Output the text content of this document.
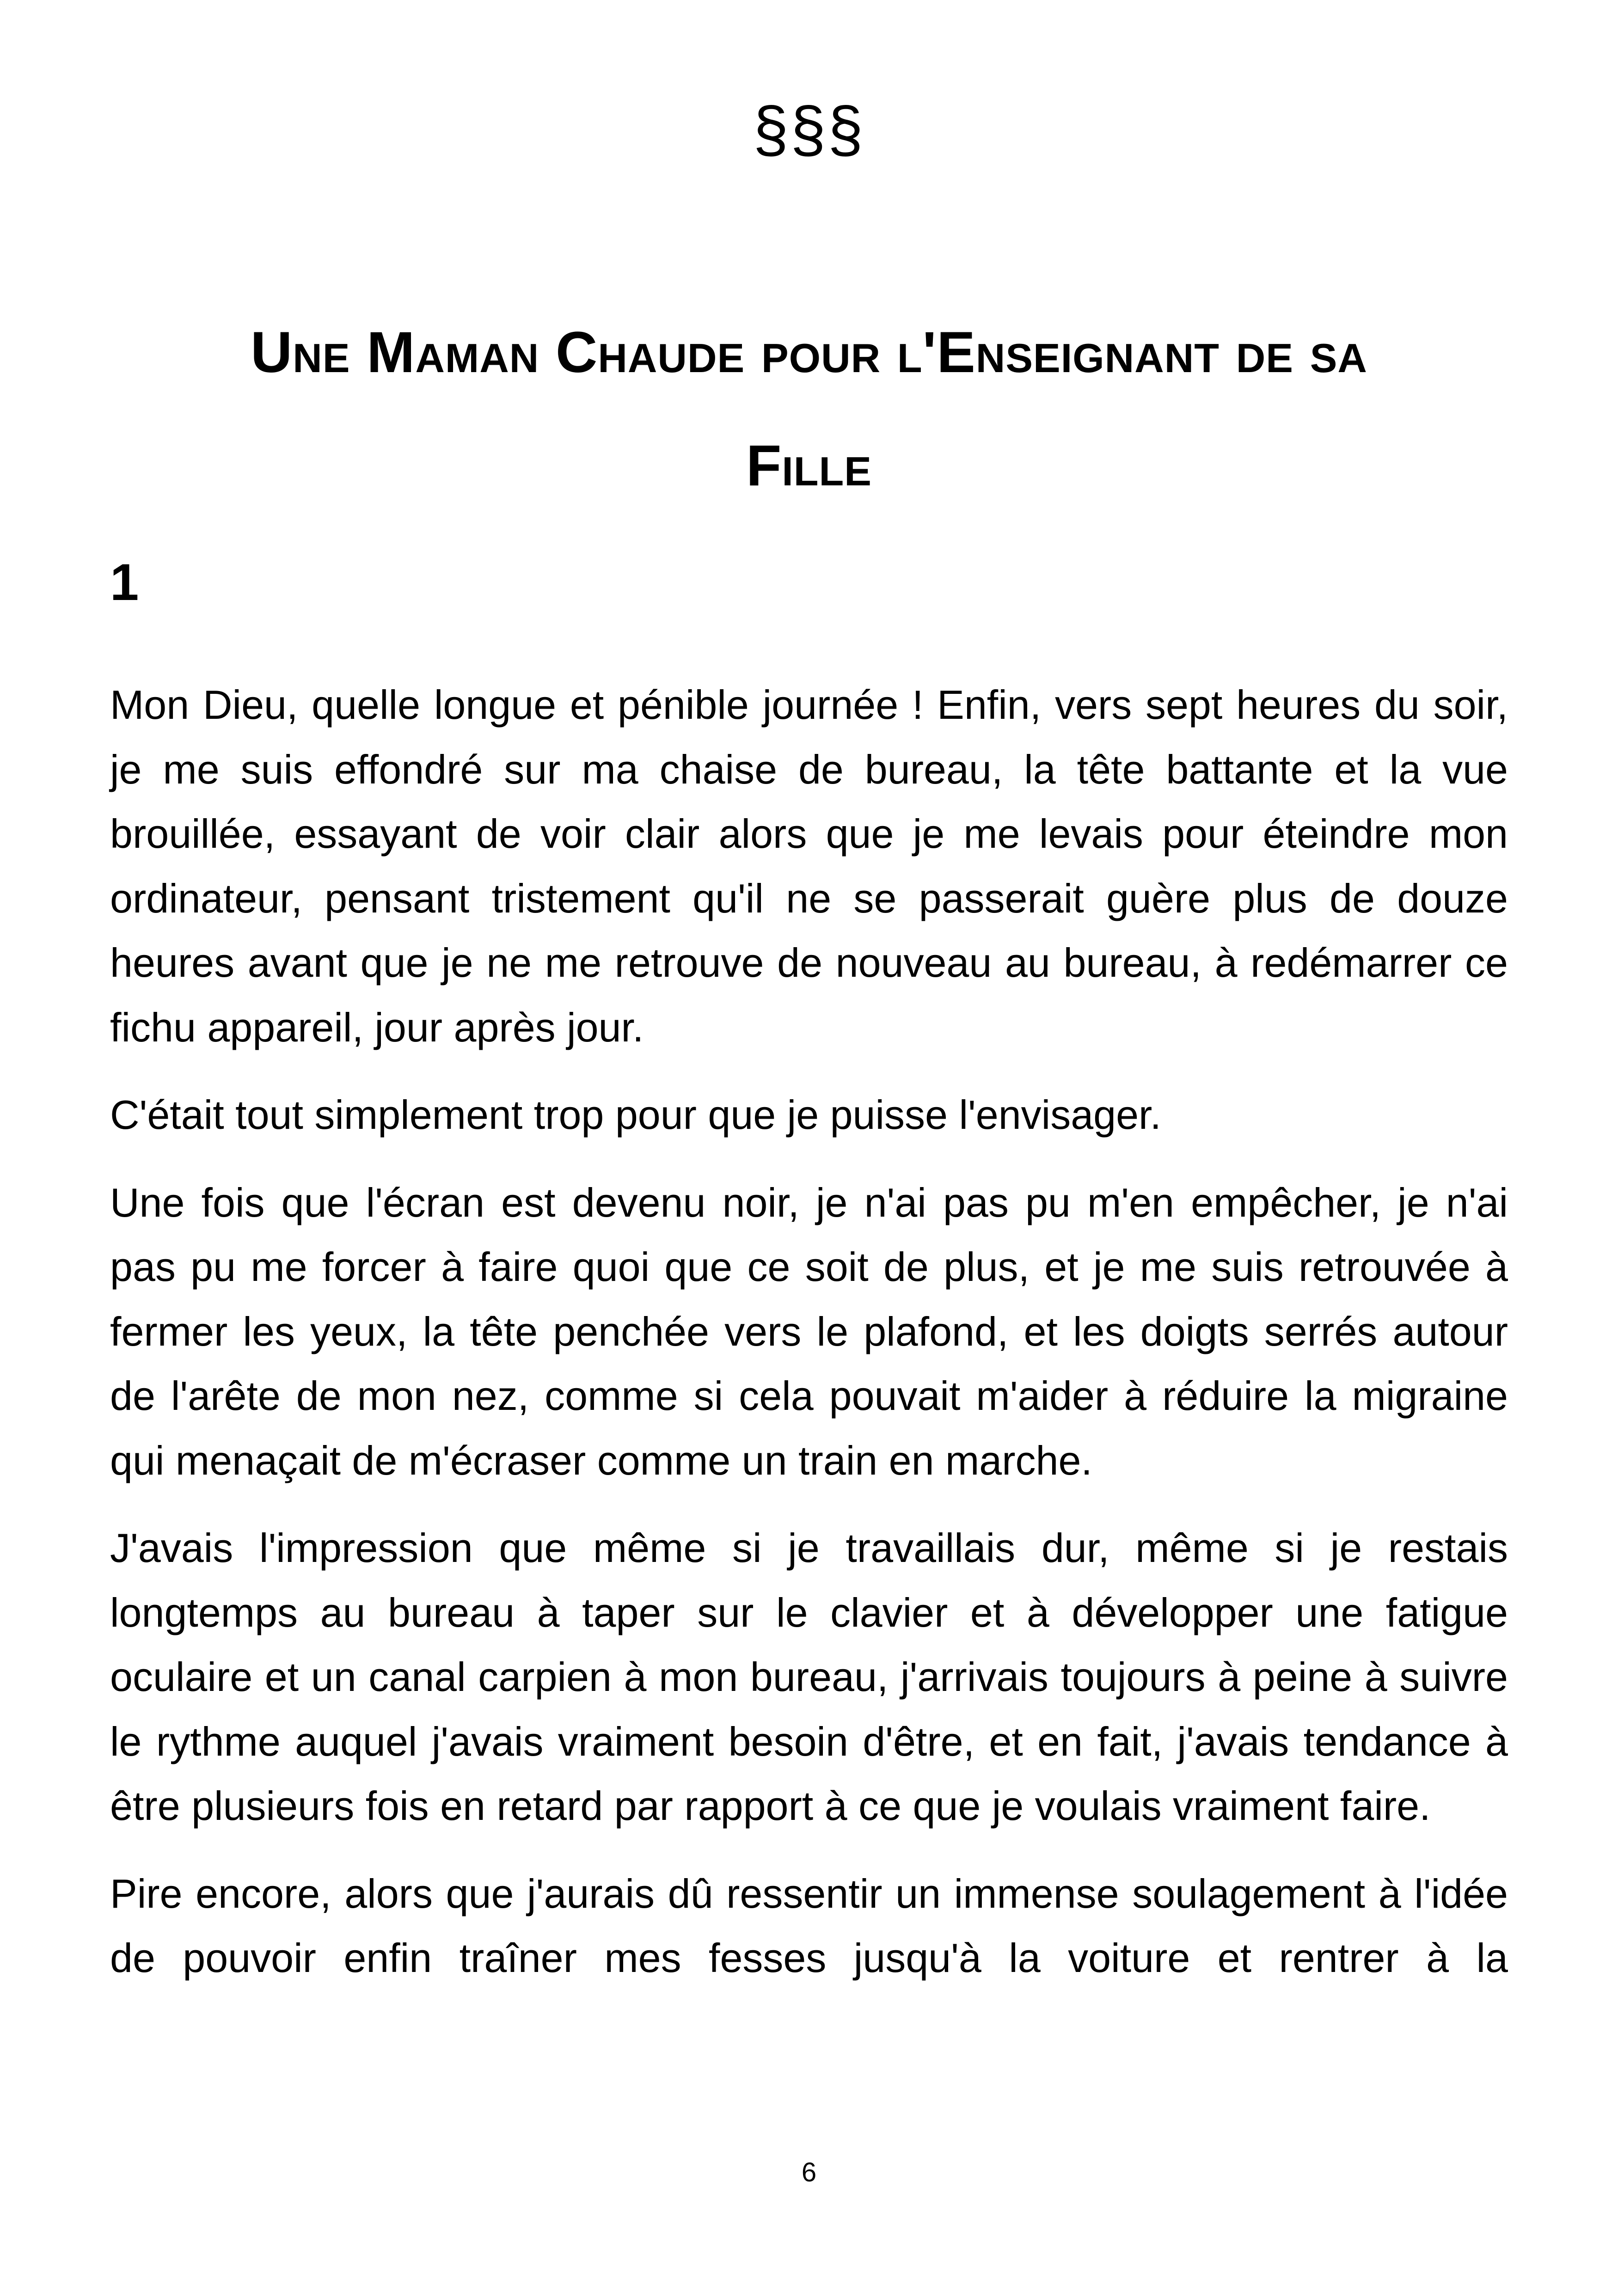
§§§
Une Maman Chaude pour l'Enseignant de sa Fille
1

Mon Dieu, quelle longue et pénible journée ! Enfin, vers sept heures du soir, je me suis effondré sur ma chaise de bureau, la tête battante et la vue brouillée, essayant de voir clair alors que je me levais pour éteindre mon ordinateur, pensant tristement qu'il ne se passerait guère plus de douze heures avant que je ne me retrouve de nouveau au bureau, à redémarrer ce fichu appareil, jour après jour.

C'était tout simplement trop pour que je puisse l'envisager.

Une fois que l'écran est devenu noir, je n'ai pas pu m'en empêcher, je n'ai pas pu me forcer à faire quoi que ce soit de plus, et je me suis retrouvée à fermer les yeux, la tête penchée vers le plafond, et les doigts serrés autour de l'arête de mon nez, comme si cela pouvait m'aider à réduire la migraine qui menaçait de m'écraser comme un train en marche.

J'avais l'impression que même si je travaillais dur, même si je restais longtemps au bureau à taper sur le clavier et à développer une fatigue oculaire et un canal carpien à mon bureau, j'arrivais toujours à peine à suivre le rythme auquel j'avais vraiment besoin d'être, et en fait, j'avais tendance à être plusieurs fois en retard par rapport à ce que je voulais vraiment faire.

Pire encore, alors que j'aurais dû ressentir un immense soulagement à l'idée de pouvoir enfin traîner mes fesses jusqu'à la voiture et rentrer à la

6
